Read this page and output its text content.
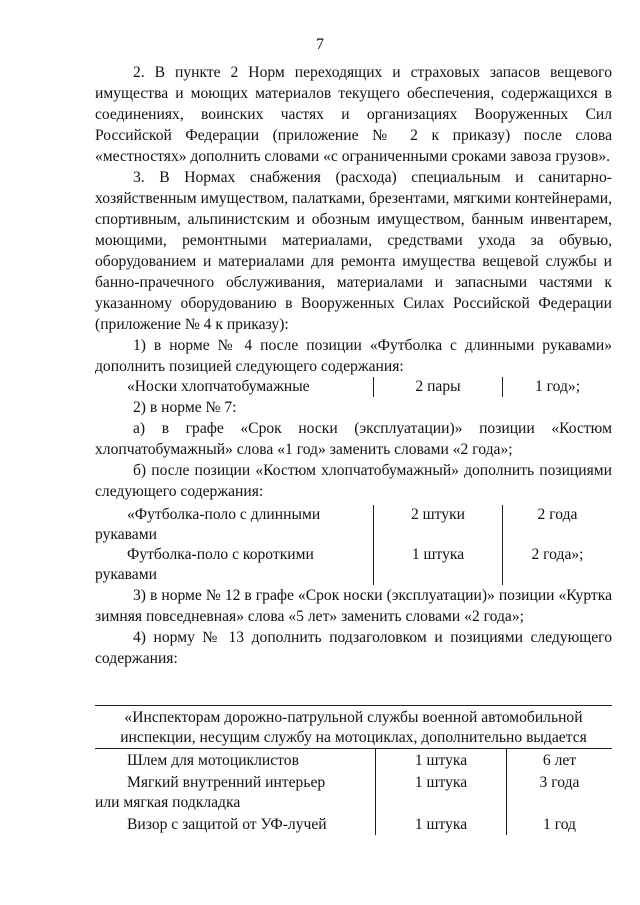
7

2. В пункте 2 Норм переходящих и страховых запасов вещевого имущества и моющих материалов текущего обеспечения, содержащихся в соединениях, воинских частях и организациях Вооруженных Сил Российской Федерации (приложение № 2 к приказу) после слова «местностях» дополнить словами «с ограниченными сроками завоза грузов».

3. В Нормах снабжения (расхода) специальным и санитарно-хозяйственным имуществом, палатками, брезентами, мягкими контейнерами, спортивным, альпинистским и обозным имуществом, банным инвентарем, моющими, ремонтными материалами, средствами ухода за обувью, оборудованием и материалами для ремонта имущества вещевой службы и банно-прачечного обслуживания, материалами и запасными частями к указанному оборудованию в Вооруженных Силах Российской Федерации (приложение № 4 к приказу):

1) в норме № 4 после позиции «Футболка с длинными рукавами» дополнить позицией следующего содержания:

«Носки хлопчатобумажные	2 пары	1 год»;

2) в норме № 7:

а) в графе «Срок носки (эксплуатации)» позиции «Костюм хлопчатобумажный» слова «1 год» заменить словами «2 года»;

б) после позиции «Костюм хлопчатобумажный» дополнить позициями следующего содержания:

«Футболка-поло с длинными
рукавами	2 штуки	2 года

Футболка-поло с короткими
рукавами	1 штука	2 года»;

3) в норме № 12 в графе «Срок носки (эксплуатации)» позиции «Куртка зимняя повседневная» слова «5 лет» заменить словами «2 года»;

4) норму № 13 дополнить подзаголовком и позициями следующего содержания:

«Инспекторам дорожно-патрульной службы военной автомобильной инспекции, несущим службу на мотоциклах, дополнительно выдается		

Шлем для мотоциклистов	1 штука	6 лет

Мягкий внутренний интерьер
или мягкая подкладка	1 штука	3 года

Визор с защитой от УФ-лучей	1 штука	1 год
